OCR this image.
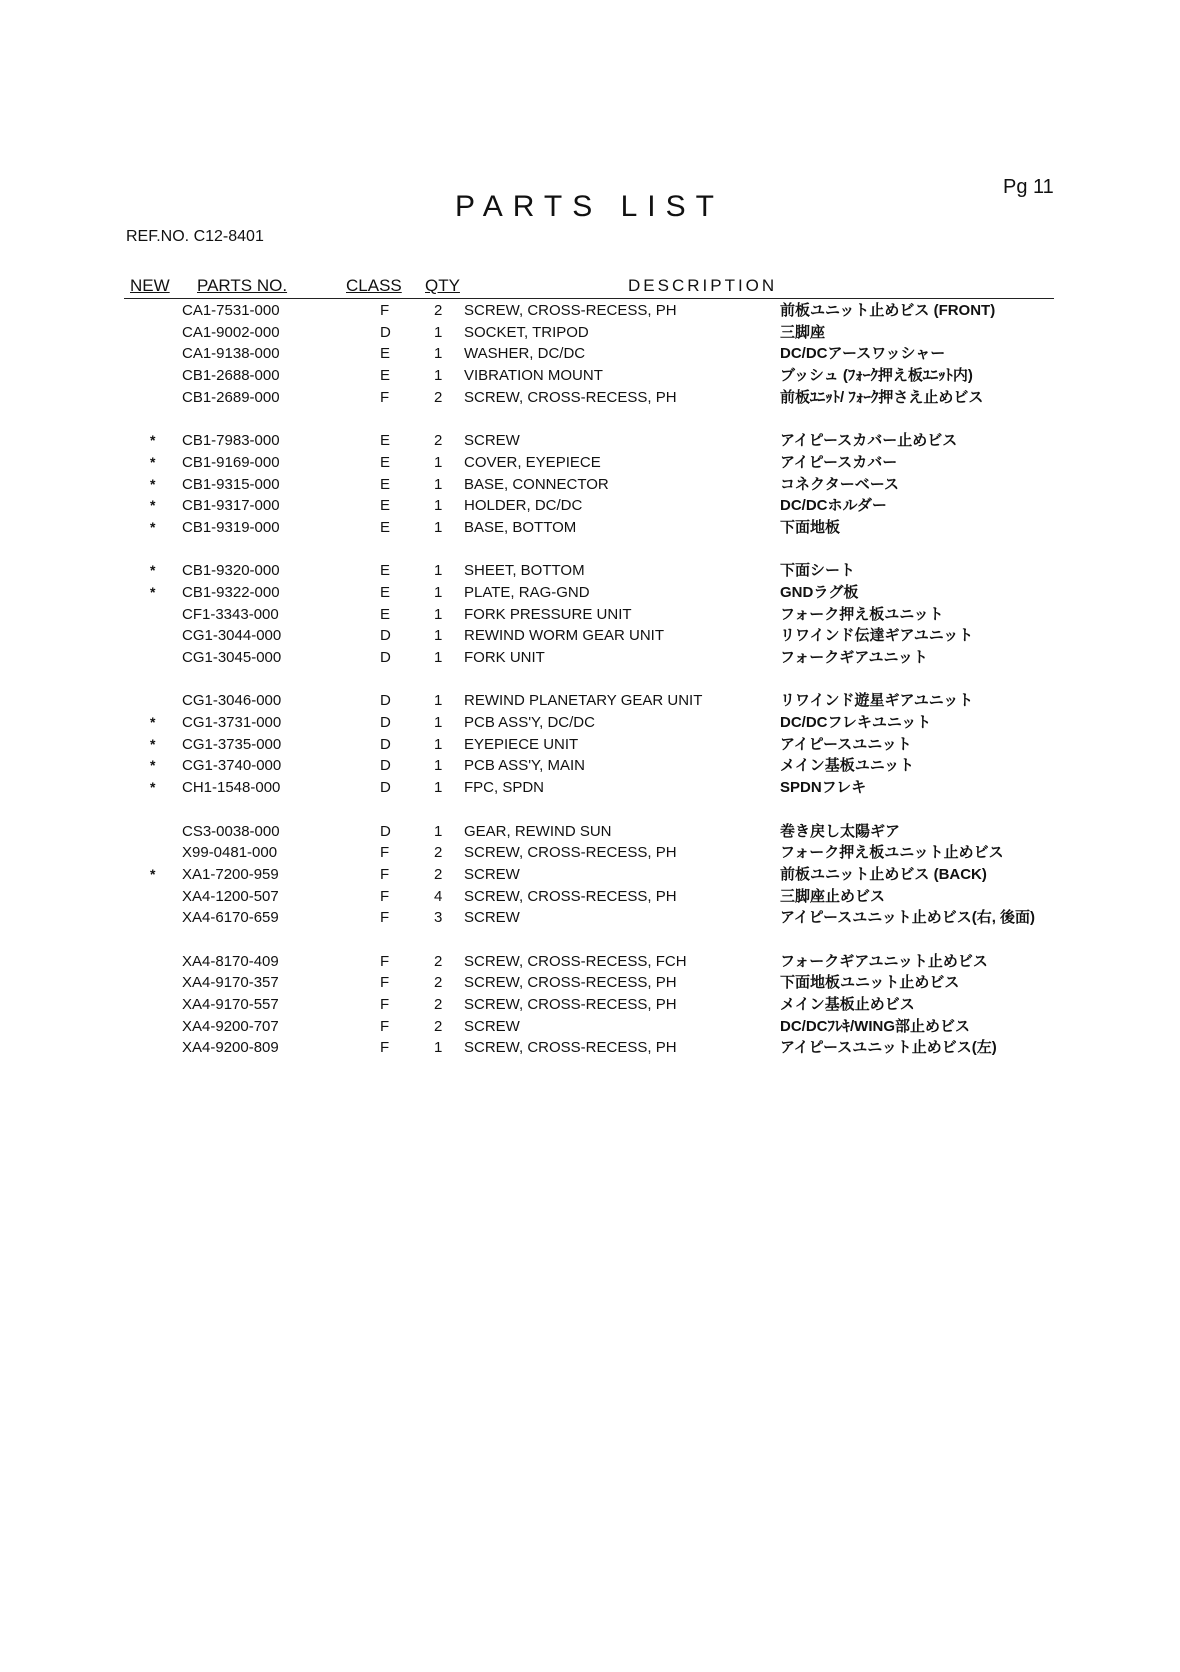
Pg 11
PARTS LIST
REF.NO. C12-8401
NEW PARTS NO.	CLASS QTY	DESCRIPTION
CA1-7531-000	F	2 SCREW, CROSS-RECESS, PH	前板ユニット止めビス (FRONT)
CA1-9002-000	D	1 SOCKET, TRIPOD	三脚座
CA1-9138-000	E	1 WASHER, DC/DC	DC/DCアースワッシャー
CB1-2688-000	E	1 VIBRATION MOUNT	ブッシュ (ﾌｫｰｸ押え板ﾕﾆｯﾄ内)
CB1-2689-000	F	2 SCREW, CROSS-RECESS, PH	前板ﾕﾆｯﾄ/ ﾌｫｰｸ押さえ止めビス
* CB1-7983-000	E	2 SCREW	アイピースカバー止めビス
* CB1-9169-000	E	1 COVER, EYEPIECE	アイピースカバー
* CB1-9315-000	E	1 BASE, CONNECTOR	コネクターベース
* CB1-9317-000	E	1 HOLDER, DC/DC	DC/DCホルダー
* CB1-9319-000	E	1 BASE, BOTTOM	下面地板
* CB1-9320-000	E	1 SHEET, BOTTOM	下面シート
* CB1-9322-000	E	1 PLATE, RAG-GND	GNDラグ板
CF1-3343-000	E	1 FORK PRESSURE UNIT	フォーク押え板ユニット
CG1-3044-000	D	1 REWIND WORM GEAR UNIT	リワインド伝達ギアユニット
CG1-3045-000	D	1 FORK UNIT	フォークギアユニット
CG1-3046-000	D	1 REWIND PLANETARY GEAR UNIT	リワインド遊星ギアユニット
* CG1-3731-000	D	1 PCB ASS'Y, DC/DC	DC/DCフレキユニット
* CG1-3735-000	D	1 EYEPIECE UNIT	アイピースユニット
* CG1-3740-000	D	1 PCB ASS'Y, MAIN	メイン基板ユニット
* CH1-1548-000	D	1 FPC, SPDN	SPDNフレキ
CS3-0038-000	D	1 GEAR, REWIND SUN	巻き戻し太陽ギア
X99-0481-000	F	2 SCREW, CROSS-RECESS, PH	フォーク押え板ユニット止めビス
* XA1-7200-959	F	2 SCREW	前板ユニット止めビス (BACK)
XA4-1200-507	F	4 SCREW, CROSS-RECESS, PH	三脚座止めビス
XA4-6170-659	F	3 SCREW	アイピースユニット止めビス(右, 後面)
XA4-8170-409	F	2 SCREW, CROSS-RECESS, FCH	フォークギアユニット止めビス
XA4-9170-357	F	2 SCREW, CROSS-RECESS, PH	下面地板ユニット止めビス
XA4-9170-557	F	2 SCREW, CROSS-RECESS, PH	メイン基板止めビス
XA4-9200-707	F	2 SCREW	DC/DCﾌﾚｷ/WING部止めビス
XA4-9200-809	F	1 SCREW, CROSS-RECESS, PH	アイピースユニット止めビス(左)
